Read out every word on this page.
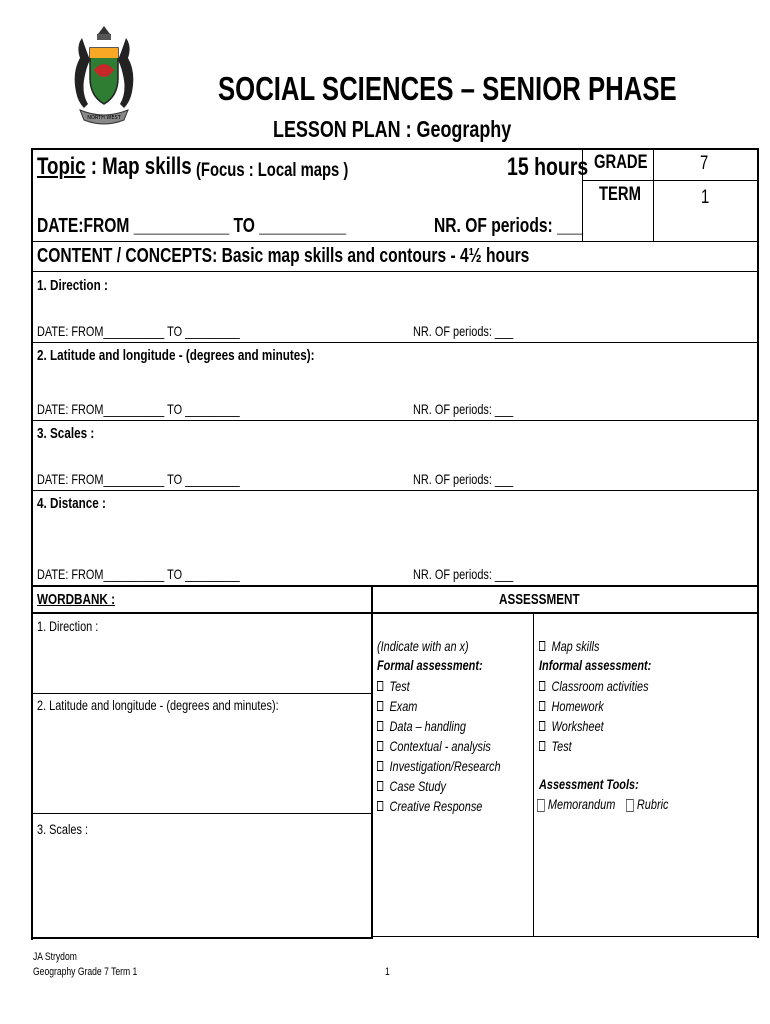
NORTH WEST
SOCIAL SCIENCES – SENIOR PHASE
LESSON PLAN : Geography
Topic : Map skills (Focus : Local maps )	15 hours GRADE	7
TERM	1
DATE:FROM ___________ TO __________	NR. OF periods: ___
CONTENT / CONCEPTS: Basic map skills and contours - 4½ hours
1. Direction :
DATE: FROM__________ TO _________	NR. OF periods: ___
2. Latitude and longitude - (degrees and minutes):
DATE: FROM__________ TO _________	NR. OF periods: ___
3. Scales :
DATE: FROM__________ TO _________	NR. OF periods: ___
4. Distance :
DATE: FROM__________ TO _________	NR. OF periods: ___
WORDBANK :	ASSESSMENT
1. Direction :
2. Latitude and longitude - (degrees and minutes):
3. Scales :
(Indicate with an x)
Formal assessment:
Test
Exam
Data – handling
Contextual - analysis
Investigation/Research
Case Study
Creative Response
Map skills
Informal assessment:
Classroom activities
Homework
Worksheet
Test
Assessment Tools:
Memorandum	Rubric
JA Strydom
Geography Grade 7 Term 1	1
